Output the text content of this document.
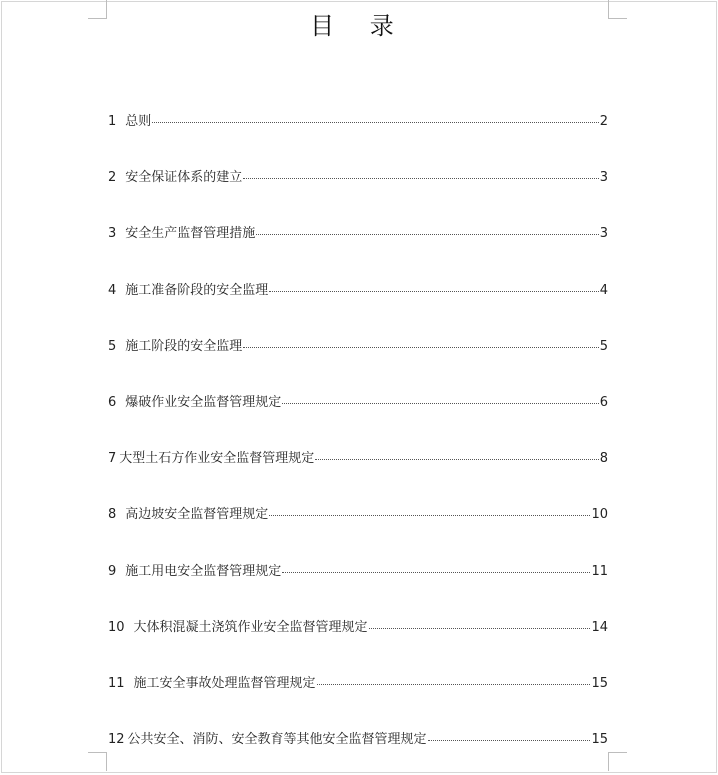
目 录
1 总则	2
2 安全保证体系的建立	3
3 安全生产监督管理措施	3
4 施工准备阶段的安全监理	4
5 施工阶段的安全监理	5
6 爆破作业安全监督管理规定	6
7 大型土石方作业安全监督管理规定	8
8 高边坡安全监督管理规定	10
9 施工用电安全监督管理规定	11
10 大体积混凝土浇筑作业安全监督管理规定	14
11 施工安全事故处理监督管理规定	15
12 公共安全、消防、安全教育等其他安全监督管理规定	15
